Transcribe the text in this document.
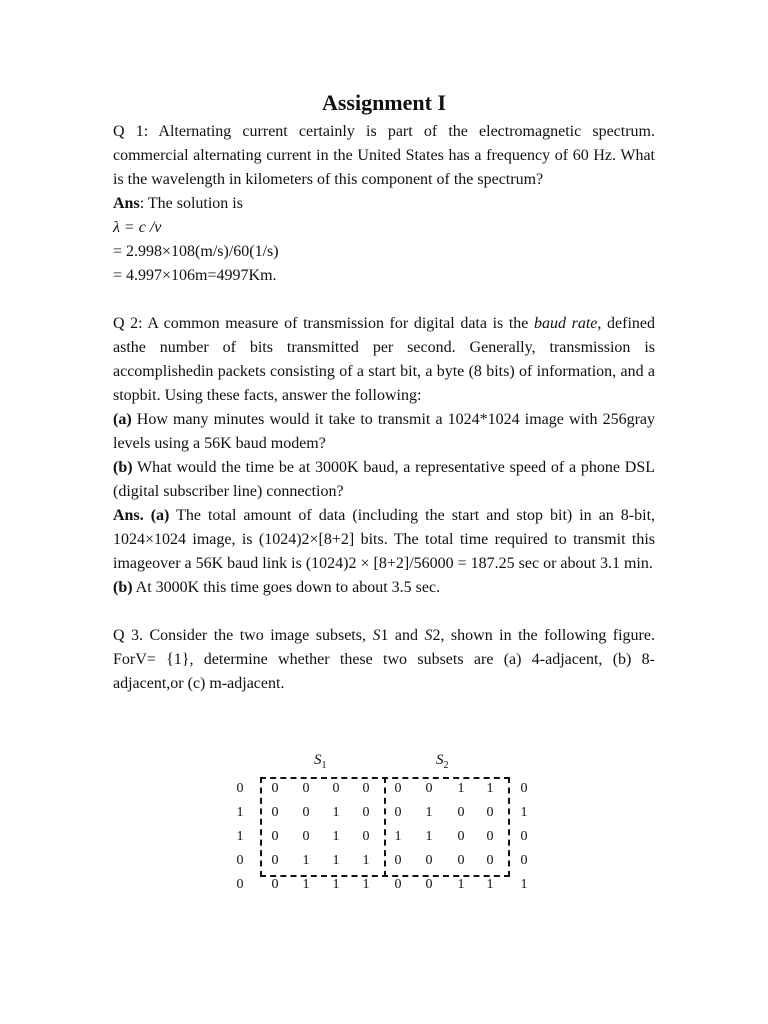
Assignment I

Q 1: Alternating current certainly is part of the electromagnetic spectrum. commercial alternating current in the United States has a frequency of 60 Hz. What is the wavelength in kilometers of this component of the spectrum?

Ans: The solution is

λ = c /v

= 2.998×108(m/s)/60(1/s)

= 4.997×106m=4997Km.

Q 2: A common measure of transmission for digital data is the baud rate, defined asthe number of bits transmitted per second. Generally, transmission is accomplishedin packets consisting of a start bit, a byte (8 bits) of information, and a stopbit. Using these facts, answer the following:

(a) How many minutes would it take to transmit a 1024*1024 image with 256gray levels using a 56K baud modem?

(b) What would the time be at 3000K baud, a representative speed of a phone DSL (digital subscriber line) connection?

Ans. (a) The total amount of data (including the start and stop bit) in an 8-bit, 1024×1024 image, is (1024)2×[8+2] bits. The total time required to transmit this imageover a 56K baud link is (1024)2 × [8+2]/56000 = 187.25 sec or about 3.1 min.

(b) At 3000K this time goes down to about 3.5 sec.

Q 3. Consider the two image subsets, S1 and S2, shown in the following figure. ForV= {1}, determine whether these two subsets are (a) 4-adjacent, (b) 8-adjacent,or (c) m-adjacent.

$S_1$	$S_2$
0	0	0	0	0	0	0	1	1	0
1	0	0	1	0	0	1	0	0	1
1	0	0	1	0	1	1	0	0	0
0	0	1	1	1	0	0	0	0	0
0	0	1	1	1	0	0	1	1	1
